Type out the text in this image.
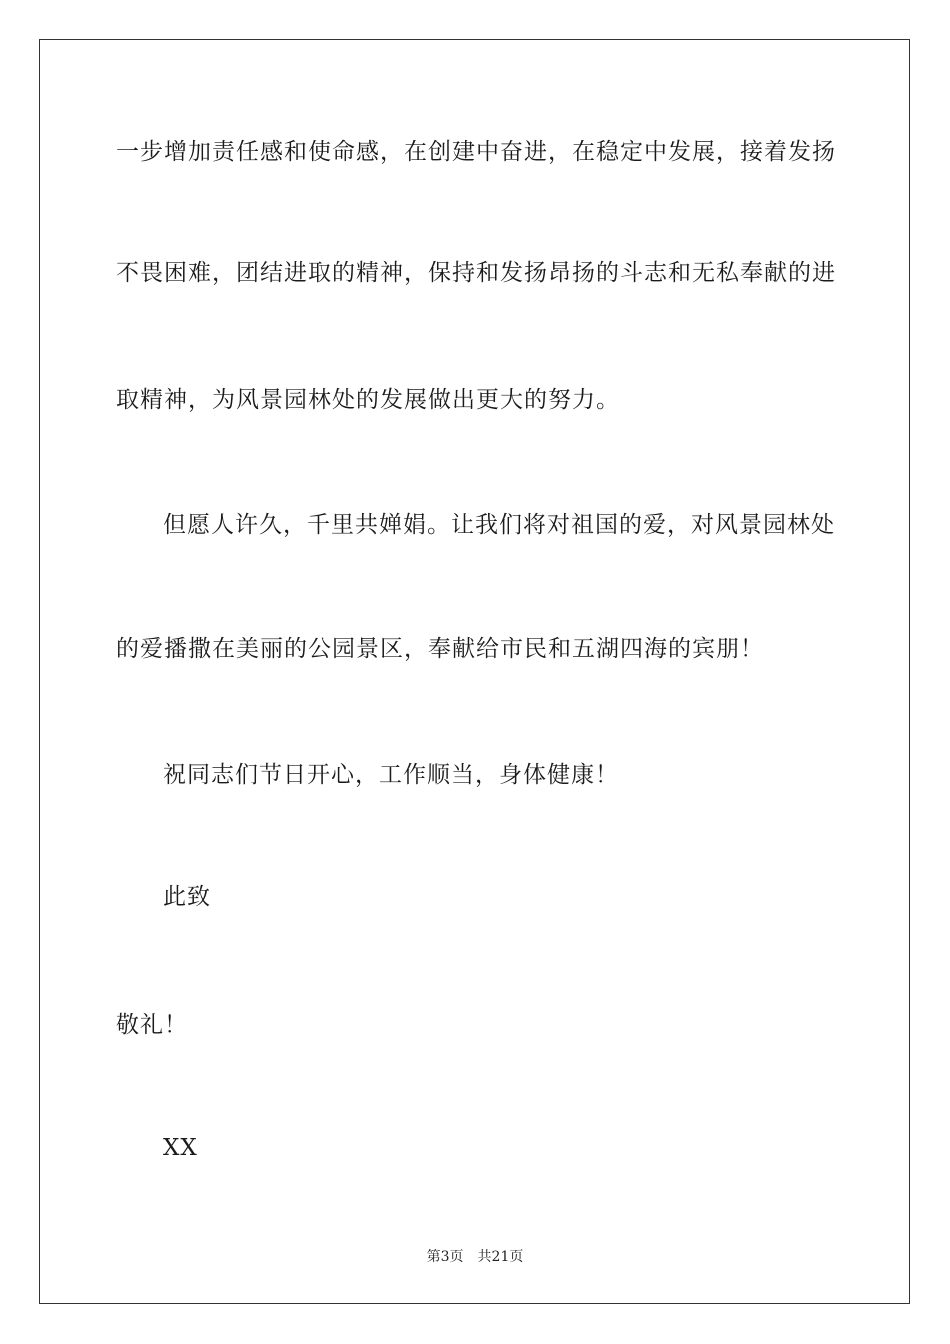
一步增加责任感和使命感，在创建中奋进，在稳定中发展，接着发扬
不畏困难，团结进取的精神，保持和发扬昂扬的斗志和无私奉献的进
取精神，为风景园林处的发展做出更大的努力。
但愿人许久，千里共婵娟。让我们将对祖国的爱，对风景园林处
的爱播撒在美丽的公园景区，奉献给市民和五湖四海的宾朋！
祝同志们节日开心，工作顺当，身体健康！
此致
敬礼！
XX
第3页 共21页
